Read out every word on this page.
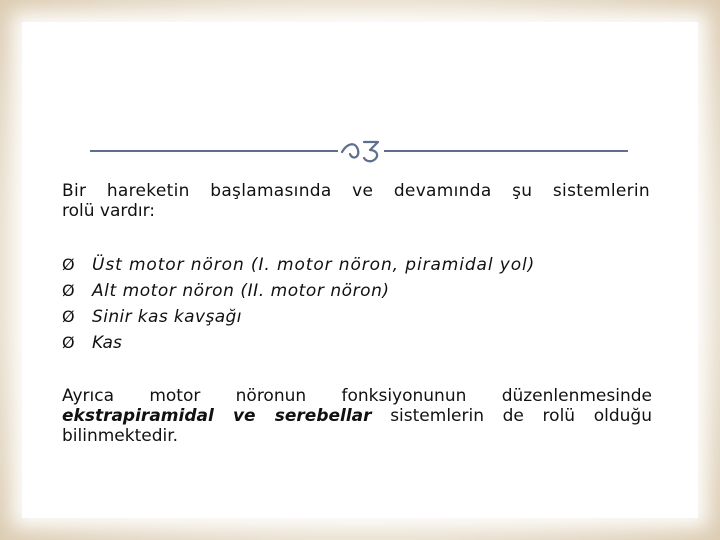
Bir hareketin başlamasında ve devamında şu sistemlerin
rolü vardır:
Ø Üst motor nöron (I. motor nöron, piramidal yol)
Ø Alt motor nöron (II. motor nöron)
Ø Sinir kas kavşağı
Ø Kas
Ayrıca motor nöronun fonksiyonunun düzenlenmesinde
ekstrapiramidal ve serebellar sistemlerin de rolü olduğu
bilinmektedir.
